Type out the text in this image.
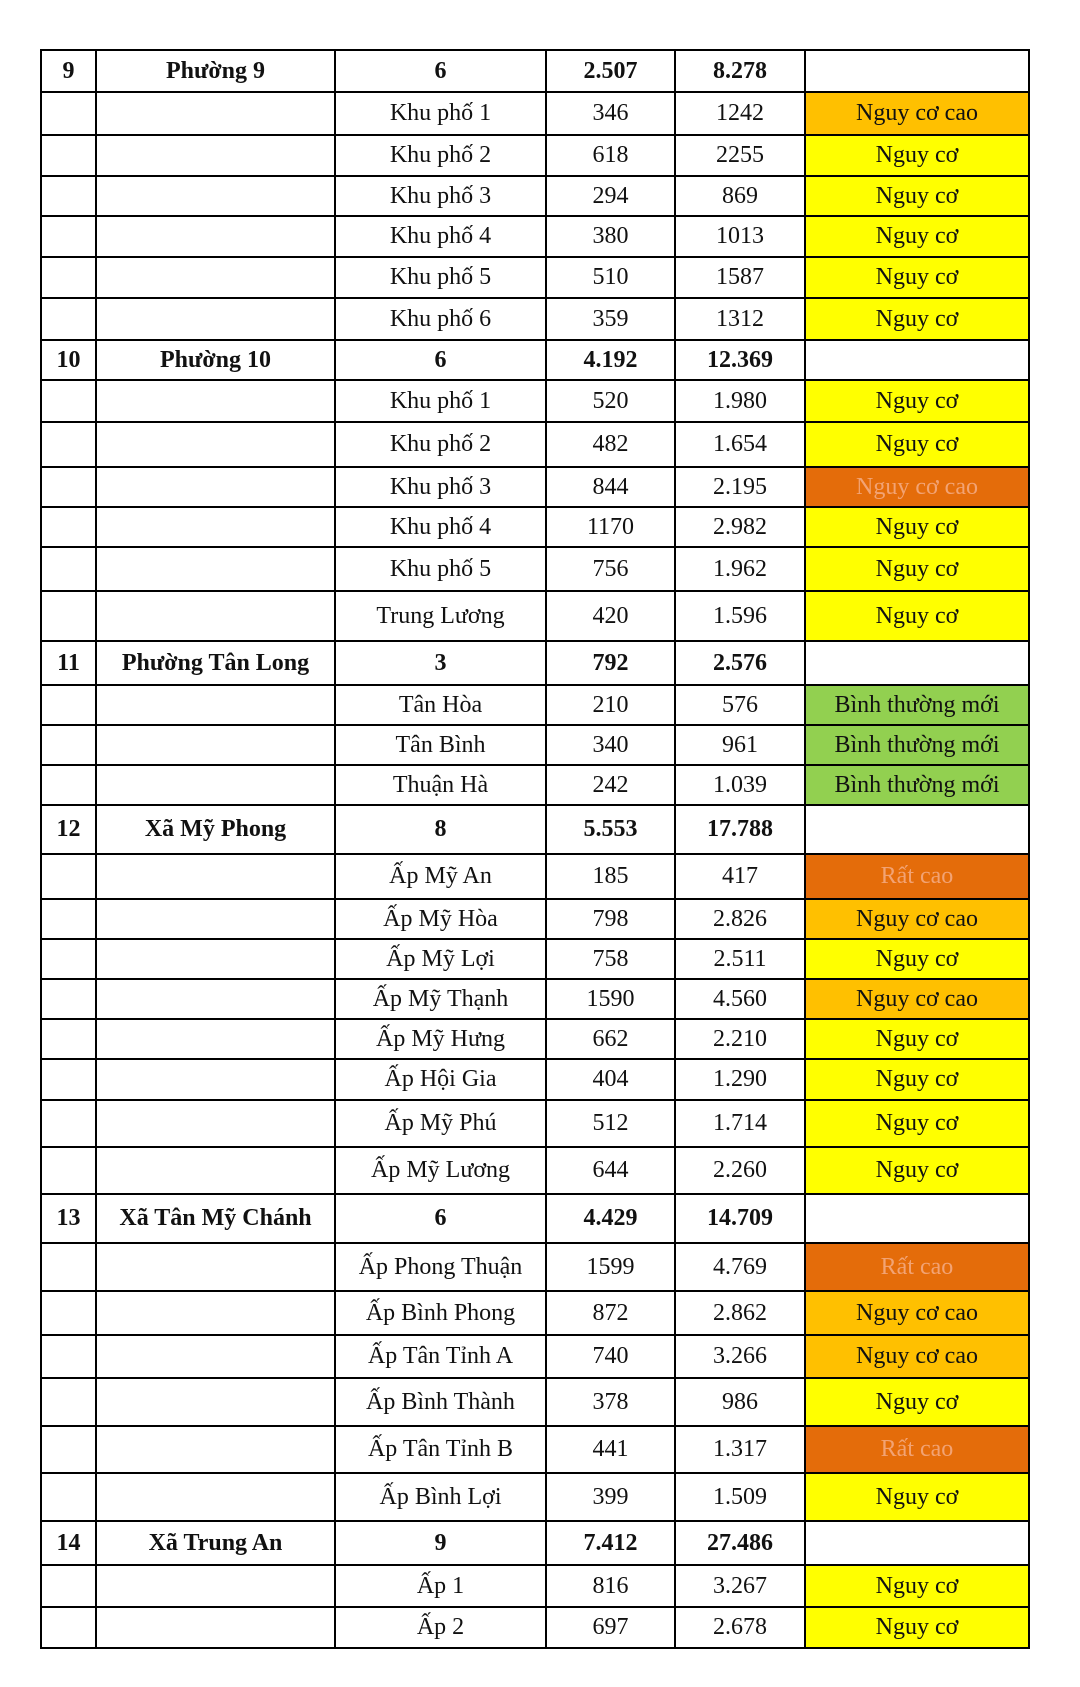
9	Phường 9	6	2.507	8.278	
		Khu phố 1	346	1242	Nguy cơ cao
		Khu phố 2	618	2255	Nguy cơ
		Khu phố 3	294	869	Nguy cơ
		Khu phố 4	380	1013	Nguy cơ
		Khu phố 5	510	1587	Nguy cơ
		Khu phố 6	359	1312	Nguy cơ
10	Phường 10	6	4.192	12.369	
		Khu phố 1	520	1.980	Nguy cơ
		Khu phố 2	482	1.654	Nguy cơ
		Khu phố 3	844	2.195	Nguy cơ cao
		Khu phố 4	1170	2.982	Nguy cơ
		Khu phố 5	756	1.962	Nguy cơ
		Trung Lương	420	1.596	Nguy cơ
11	Phường Tân Long	3	792	2.576	
		Tân Hòa	210	576	Bình thường mới
		Tân Bình	340	961	Bình thường mới
		Thuận Hà	242	1.039	Bình thường mới
12	Xã Mỹ Phong	8	5.553	17.788	
		Ấp Mỹ An	185	417	Rất cao
		Ấp Mỹ Hòa	798	2.826	Nguy cơ cao
		Ấp Mỹ Lợi	758	2.511	Nguy cơ
		Ấp Mỹ Thạnh	1590	4.560	Nguy cơ cao
		Ấp Mỹ Hưng	662	2.210	Nguy cơ
		Ấp Hội Gia	404	1.290	Nguy cơ
		Ấp Mỹ Phú	512	1.714	Nguy cơ
		Ấp Mỹ Lương	644	2.260	Nguy cơ
13	Xã Tân Mỹ Chánh	6	4.429	14.709	
		Ấp Phong Thuận	1599	4.769	Rất cao
		Ấp Bình Phong	872	2.862	Nguy cơ cao
		Ấp Tân Tỉnh A	740	3.266	Nguy cơ cao
		Ấp Bình Thành	378	986	Nguy cơ
		Ấp Tân Tỉnh B	441	1.317	Rất cao
		Ấp Bình Lợi	399	1.509	Nguy cơ
14	Xã Trung An	9	7.412	27.486	
		Ấp 1	816	3.267	Nguy cơ
		Ấp 2	697	2.678	Nguy cơ
